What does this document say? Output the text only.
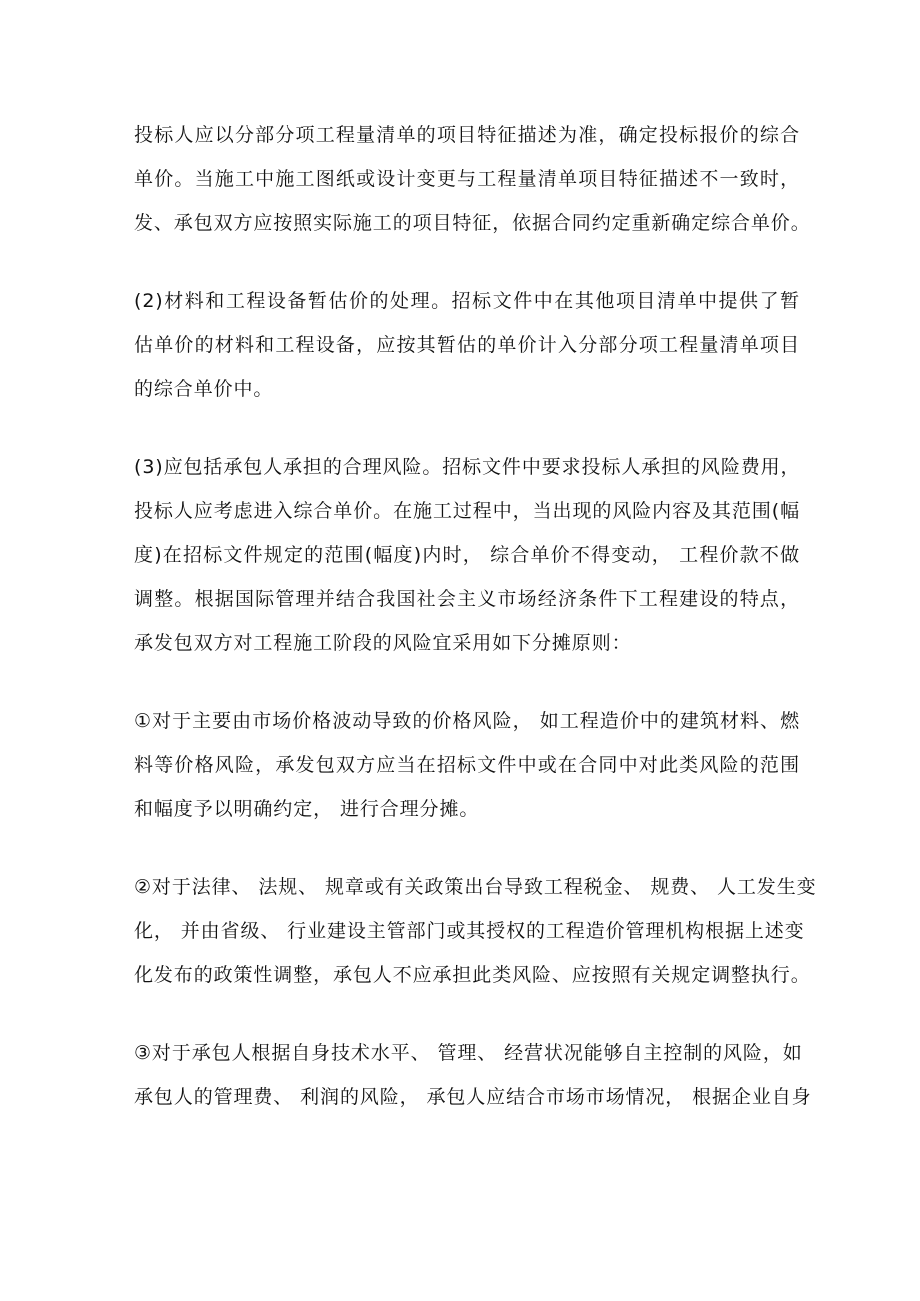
投标人应以分部分项工程量清单的项目特征描述为准，确定投标报价的综合
单价。当施工中施工图纸或设计变更与工程量清单项目特征描述不一致时，
发、承包双方应按照实际施工的项目特征，依据合同约定重新确定综合单价。
(2)材料和工程设备暂估价的处理。招标文件中在其他项目清单中提供了暂
估单价的材料和工程设备，应按其暂估的单价计入分部分项工程量清单项目
的综合单价中。
(3)应包括承包人承担的合理风险。招标文件中要求投标人承担的风险费用，
投标人应考虑进入综合单价。在施工过程中，当出现的风险内容及其范围(幅
度)在招标文件规定的范围(幅度)内时， 综合单价不得变动， 工程价款不做
调整。根据国际管理并结合我国社会主义市场经济条件下工程建设的特点，
承发包双方对工程施工阶段的风险宜采用如下分摊原则：
①对于主要由市场价格波动导致的价格风险， 如工程造价中的建筑材料、燃
料等价格风险，承发包双方应当在招标文件中或在合同中对此类风险的范围
和幅度予以明确约定， 进行合理分摊。
②对于法律、 法规、 规章或有关政策出台导致工程税金、 规费、 人工发生变
化， 并由省级、 行业建设主管部门或其授权的工程造价管理机构根据上述变
化发布的政策性调整，承包人不应承担此类风险、应按照有关规定调整执行。
③对于承包人根据自身技术水平、 管理、 经营状况能够自主控制的风险，如
承包人的管理费、 利润的风险， 承包人应结合市场市场情况， 根据企业自身
